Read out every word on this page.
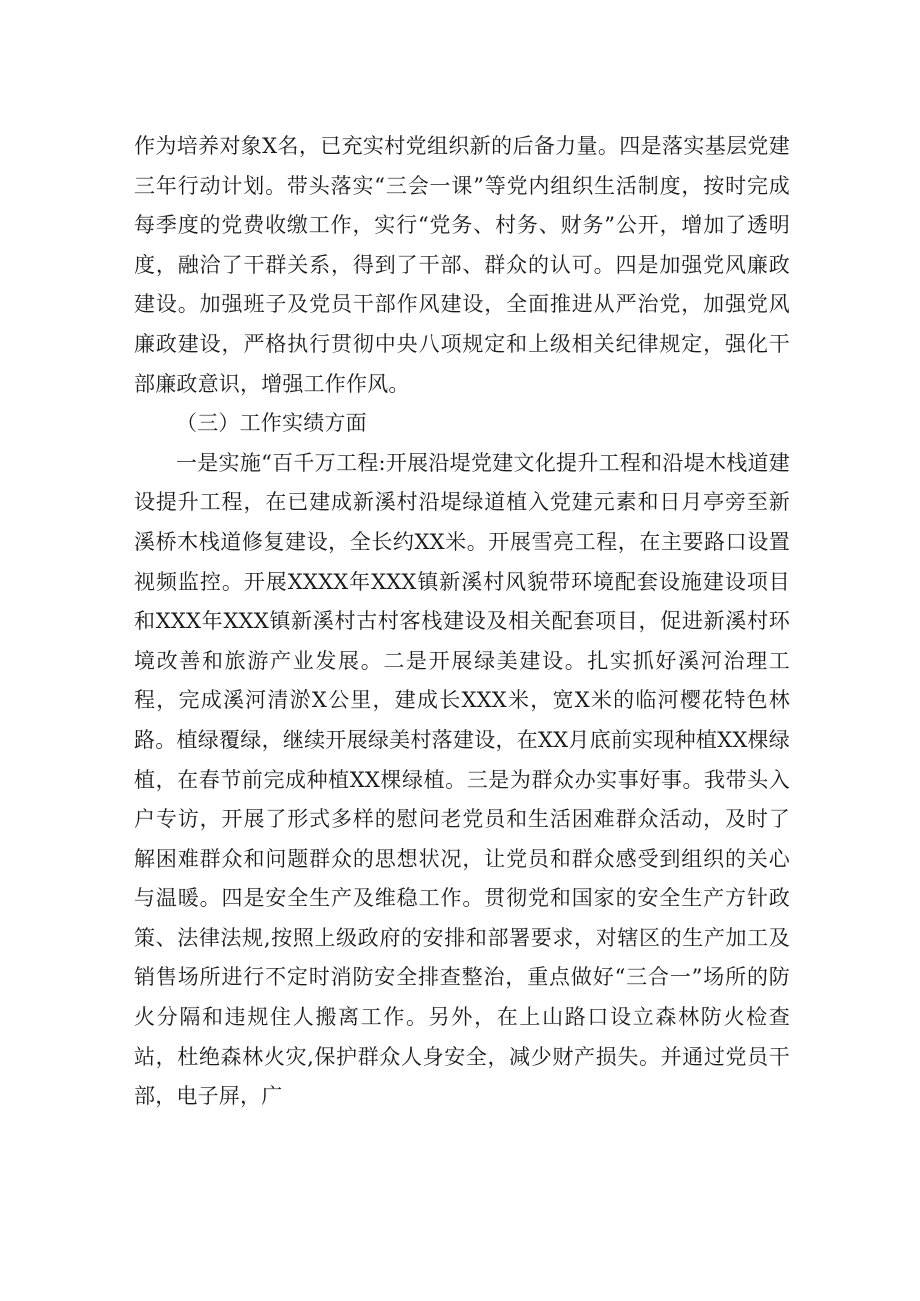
作为培养对象X名，已充实村党组织新的后备力量。四是落实基层党建三年行动计划。带头落实“三会一课”等党内组织生活制度，按时完成每季度的党费收缴工作，实行“党务、村务、财务”公开，增加了透明度，融洽了干群关系，得到了干部、群众的认可。四是加强党风廉政建设。加强班子及党员干部作风建设，全面推进从严治党，加强党风廉政建设，严格执行贯彻中央八项规定和上级相关纪律规定，强化干部廉政意识，增强工作作风。

（三）工作实绩方面

一是实施“百千万工程:开展沿堤党建文化提升工程和沿堤木栈道建设提升工程，在已建成新溪村沿堤绿道植入党建元素和日月亭旁至新溪桥木栈道修复建设，全长约XX米。开展雪亮工程，在主要路口设置视频监控。开展XXXX年XXX镇新溪村风貌带环境配套设施建设项目和XXX年XXX镇新溪村古村客栈建设及相关配套项目，促进新溪村环境改善和旅游产业发展。二是开展绿美建设。扎实抓好溪河治理工程，完成溪河清淤X公里，建成长XXX米，宽X米的临河樱花特色林路。植绿覆绿，继续开展绿美村落建设，在XX月底前实现种植XX棵绿植，在春节前完成种植XX棵绿植。三是为群众办实事好事。我带头入户专访，开展了形式多样的慰问老党员和生活困难群众活动，及时了解困难群众和问题群众的思想状况，让党员和群众感受到组织的关心与温暖。四是安全生产及维稳工作。贯彻党和国家的安全生产方针政策、法律法规,按照上级政府的安排和部署要求，对辖区的生产加工及销售场所进行不定时消防安全排查整治，重点做好“三合一”场所的防火分隔和违规住人搬离工作。另外，在上山路口设立森林防火检查站，杜绝森林火灾,保护群众人身安全，减少财产损失。并通过党员干部，电子屏，广
